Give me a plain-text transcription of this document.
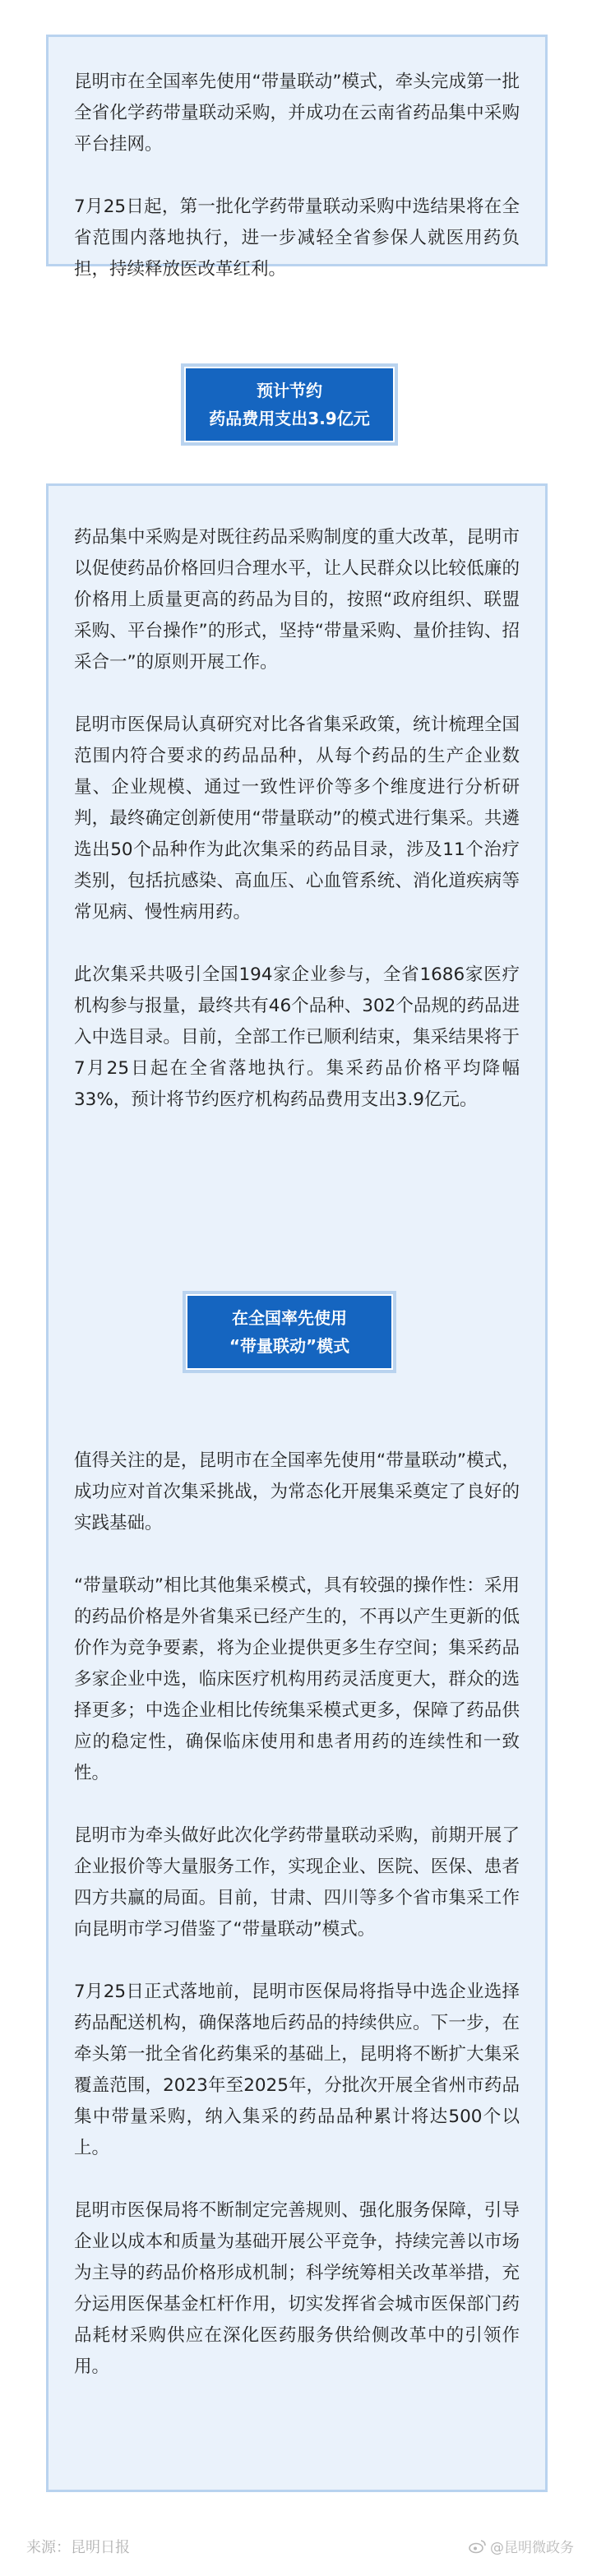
昆明市在全国率先使用“带量联动”模式，牵头完成第一批全省化学药带量联动采购，并成功在云南省药品集中采购平台挂网。

7月25日起，第一批化学药带量联动采购中选结果将在全省范围内落地执行，进一步减轻全省参保人就医用药负担，持续释放医改革红利。

预计节约
药品费用支出3.9亿元

药品集中采购是对既往药品采购制度的重大改革，昆明市以促使药品价格回归合理水平，让人民群众以比较低廉的价格用上质量更高的药品为目的，按照“政府组织、联盟采购、平台操作”的形式，坚持“带量采购、量价挂钩、招采合一”的原则开展工作。

昆明市医保局认真研究对比各省集采政策，统计梳理全国范围内符合要求的药品品种，从每个药品的生产企业数量、企业规模、通过一致性评价等多个维度进行分析研判，最终确定创新使用“带量联动”的模式进行集采。共遴选出50个品种作为此次集采的药品目录，涉及11个治疗类别，包括抗感染、高血压、心血管系统、消化道疾病等常见病、慢性病用药。

此次集采共吸引全国194家企业参与，全省1686家医疗机构参与报量，最终共有46个品种、302个品规的药品进入中选目录。目前，全部工作已顺利结束，集采结果将于7月25日起在全省落地执行。集采药品价格平均降幅33%，预计将节约医疗机构药品费用支出3.9亿元。

值得关注的是，昆明市在全国率先使用“带量联动”模式，成功应对首次集采挑战，为常态化开展集采奠定了良好的实践基础。

“带量联动”相比其他集采模式，具有较强的操作性：采用的药品价格是外省集采已经产生的，不再以产生更新的低价作为竞争要素，将为企业提供更多生存空间；集采药品多家企业中选，临床医疗机构用药灵活度更大，群众的选择更多；中选企业相比传统集采模式更多，保障了药品供应的稳定性，确保临床使用和患者用药的连续性和一致性。

昆明市为牵头做好此次化学药带量联动采购，前期开展了企业报价等大量服务工作，实现企业、医院、医保、患者四方共赢的局面。目前，甘肃、四川等多个省市集采工作向昆明市学习借鉴了“带量联动”模式。

7月25日正式落地前，昆明市医保局将指导中选企业选择药品配送机构，确保落地后药品的持续供应。下一步，在牵头第一批全省化药集采的基础上，昆明将不断扩大集采覆盖范围，2023年至2025年，分批次开展全省州市药品集中带量采购，纳入集采的药品品种累计将达500个以上。

昆明市医保局将不断制定完善规则、强化服务保障，引导企业以成本和质量为基础开展公平竞争，持续完善以市场为主导的药品价格形成机制；科学统筹相关改革举措，充分运用医保基金杠杆作用，切实发挥省会城市医保部门药品耗材采购供应在深化医药服务供给侧改革中的引领作用。

在全国率先使用
“带量联动”模式
来源：昆明日报	@昆明微政务
